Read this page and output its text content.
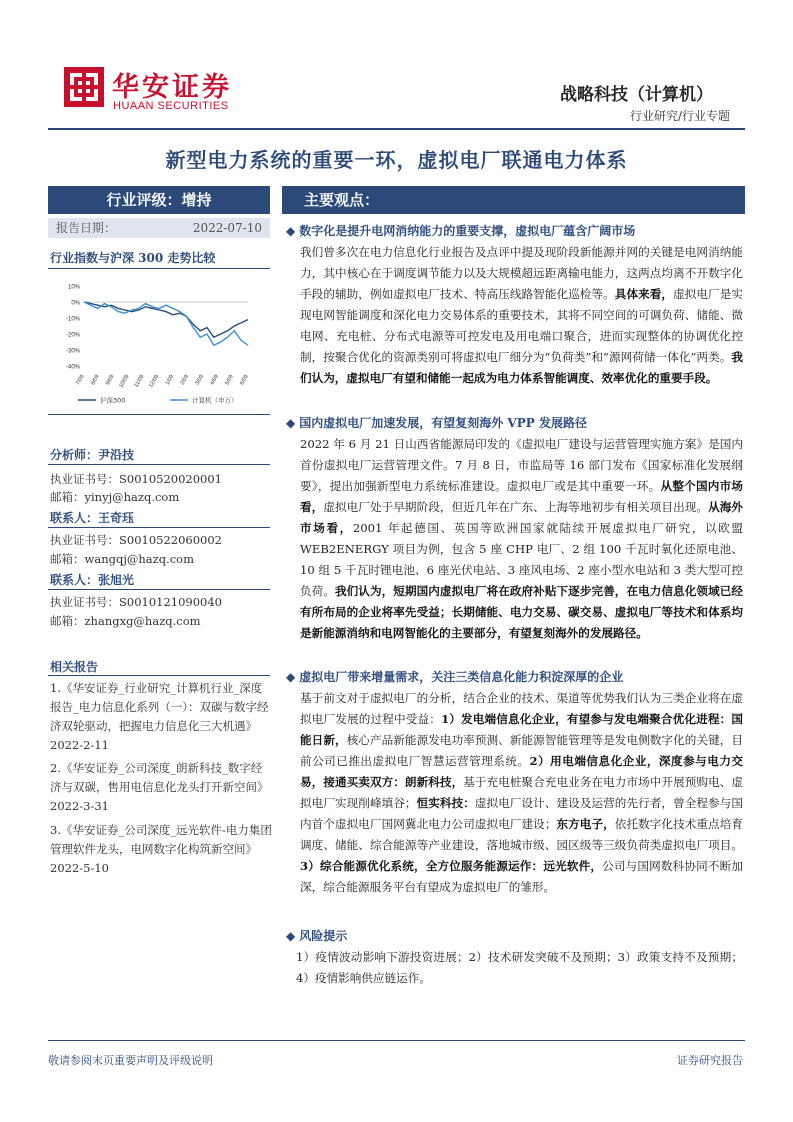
华安证券
HUAAN SECURITIES
战略科技（计算机）
行业研究/行业专题
新型电力系统的重要一环，虚拟电厂联通电力体系
行业评级：增持
报告日期：	2022-07-10
行业指数与沪深 300 走势比较
10%
0%
-10%
-20%
-30%
-40%
7/09 8/09 9/09 10/09 11/09 12/09 1/09 2/09 3/09 4/09 5/09 6/09
沪深300	计算机（申万）
分析师：尹沿技
执业证书号：S0010520020001
邮箱：yinyj@hazq.com
联系人：王奇珏
执业证书号：S0010522060002
邮箱：wangqj@hazq.com
联系人：张旭光
执业证书号：S0010121090040
邮箱：zhangxg@hazq.com
相关报告
1.《华安证券_行业研究_计算机行业_深度报告_电力信息化系列（一）：双碳与数字经济双轮驱动，把握电力信息化三大机遇》2022-2-11
2.《华安证券_公司深度_朗新科技_数字经济与双碳，售用电信息化龙头打开新空间》2022-3-31
3.《华安证券_公司深度_远光软件-电力集团管理软件龙头，电网数字化构筑新空间》2022-5-10
主要观点：
◆ 数字化是提升电网消纳能力的重要支撑，虚拟电厂蕴含广阔市场
我们曾多次在电力信息化行业报告及点评中提及现阶段新能源并网的关键是电网消纳能力，其中核心在于调度调节能力以及大规模超远距离输电能力，这两点均离不开数字化手段的辅助，例如虚拟电厂技术、特高压线路智能化巡检等。具体来看，虚拟电厂是实现电网智能调度和深化电力交易体系的重要技术，其将不同空间的可调负荷、储能、微电网、充电桩、分布式电源等可控发电及用电端口聚合，进而实现整体的协调优化控制，按聚合优化的资源类别可将虚拟电厂细分为“负荷类”和“源网荷储一体化”两类。我们认为，虚拟电厂有望和储能一起成为电力体系智能调度、效率优化的重要手段。
◆ 国内虚拟电厂加速发展，有望复刻海外 VPP 发展路径
2022 年 6 月 21 日山西省能源局印发的《虚拟电厂建设与运营管理实施方案》是国内首份虚拟电厂运营管理文件。7 月 8 日，市监局等 16 部门发布《国家标准化发展纲要》，提出加强新型电力系统标准建设。虚拟电厂或是其中重要一环。从整个国内市场看，虚拟电厂处于早期阶段，但近几年在广东、上海等地初步有相关项目出现。从海外市场看，2001 年起德国、英国等欧洲国家就陆续开展虚拟电厂研究，以欧盟 WEB2ENERGY 项目为例，包含 5 座 CHP 电厂、2 组 100 千瓦时氧化还原电池、10 组 5 千瓦时锂电池、6 座光伏电站、3 座风电场、2 座小型水电站和 3 类大型可控负荷。我们认为，短期国内虚拟电厂将在政府补贴下逐步完善，在电力信息化领域已经有所布局的企业将率先受益；长期储能、电力交易、碳交易、虚拟电厂等技术和体系均是新能源消纳和电网智能化的主要部分，有望复刻海外的发展路径。
◆ 虚拟电厂带来增量需求，关注三类信息化能力积淀深厚的企业
基于前文对于虚拟电厂的分析，结合企业的技术、渠道等优势我们认为三类企业将在虚拟电厂发展的过程中受益：1）发电端信息化企业，有望参与发电端聚合优化进程：国能日新，核心产品新能源发电功率预测、新能源智能管理等是发电侧数字化的关键，目前公司已推出虚拟电厂智慧运营管理系统。2）用电端信息化企业，深度参与电力交易，接通买卖双方：朗新科技，基于充电桩聚合充电业务在电力市场中开展预购电、虚拟电厂实现削峰填谷；恒实科技：虚拟电厂设计、建设及运营的先行者，曾全程参与国内首个虚拟电厂国网冀北电力公司虚拟电厂建设；东方电子，依托数字化技术重点培育调度、储能、综合能源等产业建设，落地城市级、园区级等三级负荷类虚拟电厂项目。3）综合能源优化系统，全方位服务能源运作：远光软件，公司与国网数科协同不断加深，综合能源服务平台有望成为虚拟电厂的雏形。
◆ 风险提示
1）疫情波动影响下游投资进展；2）技术研发突破不及预期；3）政策支持不及预期；4）疫情影响供应链运作。
敬请参阅末页重要声明及评级说明	证券研究报告
